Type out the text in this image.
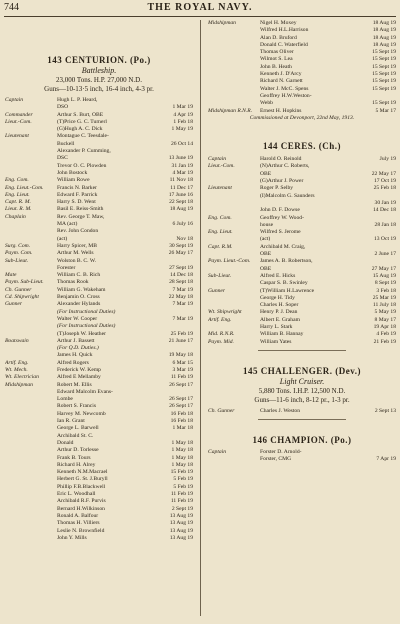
744	THE ROYAL NAVY.
143 CENTURION. (Po.)
Battleship.
23,000 Tons. H.P. 27,000 N.D.
Guns—10-13·5 inch, 16-4 inch, 4-3 pr.
Captain	Hugh L. P. Heard,
DSO	1 Mar 19
Commander	Arthur S. Burt, OBE	4 Apr 19
Lieut.-Com.	(T)Price G. C. Turnerl	1 Feb 18
(G)Hugh A. C. Dick	1 May 19
Lieutenant	Montague C. Teesdale-
Buckell	26 Oct 14
Alexander P. Cumming,
DSC	13 June 19
Trevor O. C. Plowden	31 Jan 19
John Bostock	4 Mar 19
Eng. Com.	William Rowe	11 Nov 18
Eng. Lieut.-Com.	Francis N. Barker	11 Dec 17
Eng. Lieut.	Edward F. Parrick	17 June 16
Capt. R. M.	Harry S. D. Went	22 Sept 18
Lieut. R. M.	Basil E. Reiss-Smith	18 Aug 19
Chaplain	Rev. George T. Maw,
MA (act)	6 July 16
Rev. John Condon
(act)	Nov 18
Surg. Com.	Harry Spicer, MB	30 Sept 19
Paym. Com.	Arthur M. Wells	26 May 17
Sub-Lieut.	Wolston B. C. W.
Forester	27 Sept 19
Mate	William C. B. Rich	14 Dec 18
Paym. Sub-Lieut.	Thomas Rook	28 Sept 18
Ch. Gunner	William G. Wakeham	7 Mar 19
Cd. Shipwright	Benjamin O. Cross	22 May 18
Gunner	Alexander Hylands	7 Mar 19
(For Instructional Duties)
Walter W. Cooper	7 Mar 19
(For Instructional Duties)
(T)Joseph W. Heather	25 Feb 19
Boatswain	Arthur J. Bassett	21 June 17
(For Q.D. Duties.)
James H. Quick	19 May 18
Artif. Eng.	Alfred Rogers	6 Mar 15
Wt. Mech.	Frederick W. Kemp	3 Mar 19
Wt. Electrician	Alfred E Mellamby	11 Feb 19
Midshipman	Robert M. Ellis	26 Sept 17
Edward Malcolm Evans-
Lombe	26 Sept 17
Robert S. Francis	26 Sept 17
Harvey M. Newcomb	16 Feb 18
Ian R. Grant	16 Feb 18
George L. Barwell	1 Mar 18
Archibald St. C.
Donald	1 May 18
Arthur D. Torlesse	1 May 18
Frank B. Tours	1 May 18
Richard H. Alrey	1 May 18
Kenneth N.M.Macrael	15 Feb 19
Herbert G. St. J.Buryll	5 Feb 19
Phillip F.B.Blackwell	5 Feb 19
Eric L. Woodhall	11 Feb 19
Archibald R.F. Purvis	11 Feb 19
Bernard H.Wilkinson	2 Sept 19
Ronald A. Balfour	13 Aug 19
Thomas H. Villiers	13 Aug 19
Leslie N. Brownfield	13 Aug 19
John Y. Mills	13 Aug 19
Midshipman	Nigel H. Moxey	18 Aug 19
Wilfred H.L.Harrison	18 Aug 19
Alan D. Bruford	18 Aug 19
Donald C. Waterfield	18 Aug 19
Thomas Oliver	15 Sept 19
Wilmot S. Lea	15 Sept 19
John B. Heath	15 Sept 19
Kenneth J. D'Arcy	15 Sept 19
Richard N. Garnett	15 Sept 19
Walter J. McC. Spens	15 Sept 19
Geoffrey H.W.Weston-
Webb	15 Sept 19
Midshipman R.N.R.	Ernest H. Hopkins	5 Mar 17
Commissioned at Devonport, 22nd May, 1913.
144 CERES. (Ch.)
Captain	Harold O. Reinold	July 19
Lieut.-Com.	(N)Arthur C. Roberts,
OBE	22 May 17
(G)Arthur J. Power	17 Oct 19
Lieutenant	Roger P. Selby	25 Feb 18
(I)Malcolm G. Saunders
30 Jan 19
John D. F. Dowse	14 Dec 18
Eng. Com.	Geoffrey W. Wood-
house	28 Jan 18
Eng. Lieut.	Wilfred S. Jerome
(act)	13 Oct 19
Capt. R.M.	Archibald M. Craig,
OBE	2 June 17
Paym. Lieut.-Com.	James A. B. Robertson,
OBE	27 May 17
Sub-Lieut.	Alfred E. Hicks	15 Aug 19
Caspar S. B. Swinley	8 Sept 19
Gunner	(T)William H.Lawrence	3 Feb 18
George H. Tidy	25 Mar 19
Charles H. Soper	11 July 18
Wt. Shipwright	Henry P. J. Dean	5 May 19
Artif. Eng.	Albert E. Graham	8 May 17
Harry L. Stark	19 Apr 18
Mid. R.N.R.	William B. Hannay	4 Feb 19
Paym. Mid.	William Yates	21 Feb 19
145 CHALLENGER. (Dev.)
Light Cruiser.
5,880 Tons. I.H.P. 12,500 N.D.
Guns—11-6 inch, 8-12 pr., 1-3 pr.
Ch. Gunner	Charles J. Weston	2 Sept 13
146 CHAMPION. (Po.)
Captain	Forster D. Arnold-
Forster, CMG	7 Apr 19
